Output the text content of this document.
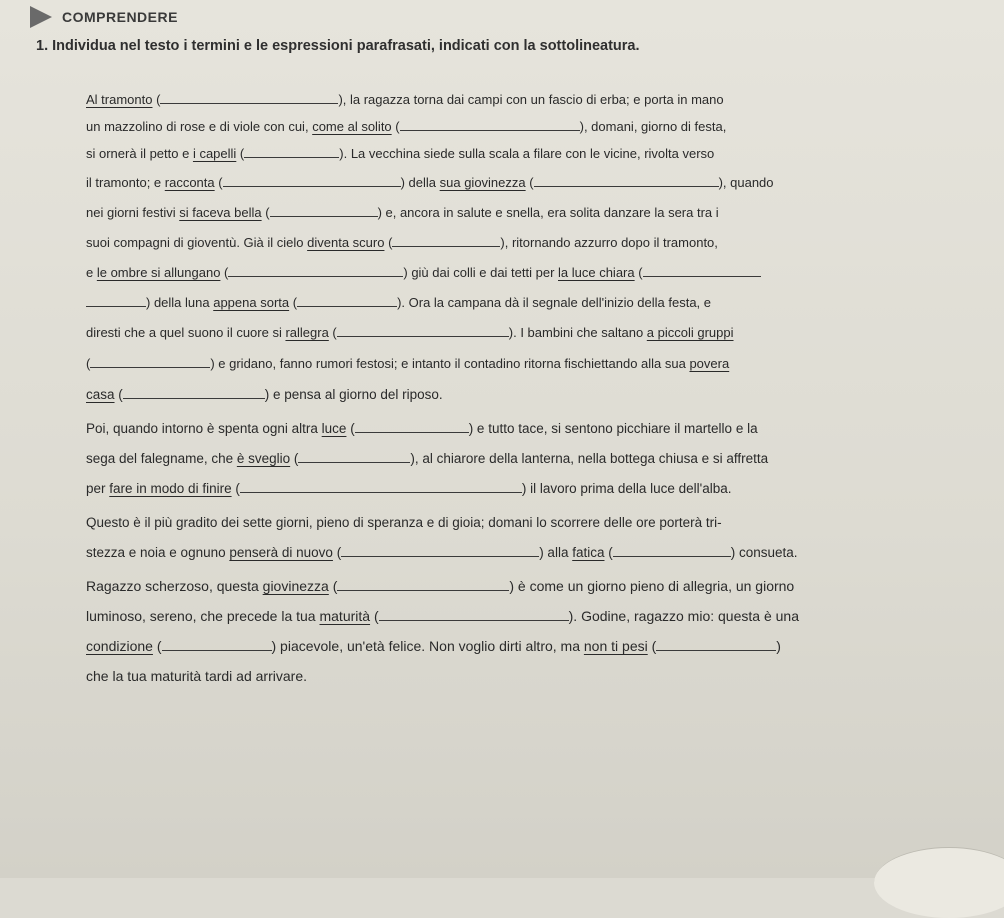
COMPRENDERE
1. Individua nel testo i termini e le espressioni parafrasati, indicati con la sottolineatura.
Al tramonto (	), la ragazza torna dai campi con un fascio di erba; e porta in mano
un mazzolino di rose e di viole con cui, come al solito (	), domani, giorno di festa,
si ornerà il petto e i capelli (	). La vecchina siede sulla scala a filare con le vicine, rivolta verso
il tramonto; e racconta (	) della sua giovinezza (	), quando
nei giorni festivi si faceva bella (	) e, ancora in salute e snella, era solita danzare la sera tra i
suoi compagni di gioventù. Già il cielo diventa scuro (	), ritornando azzurro dopo il tramonto,
e le ombre si allungano (	) giù dai colli e dai tetti per la luce chiara (
) della luna appena sorta (	). Ora la campana dà il segnale dell'inizio della festa, e
diresti che a quel suono il cuore si rallegra (	). I bambini che saltano a piccoli gruppi
(	) e gridano, fanno rumori festosi; e intanto il contadino ritorna fischiettando alla sua povera
casa (	) e pensa al giorno del riposo.
Poi, quando intorno è spenta ogni altra luce (	) e tutto tace, si sentono picchiare il martello e la
sega del falegname, che è sveglio (	), al chiarore della lanterna, nella bottega chiusa e si affretta
per fare in modo di finire (	) il lavoro prima della luce dell'alba.
Questo è il più gradito dei sette giorni, pieno di speranza e di gioia; domani lo scorrere delle ore porterà tri-
stezza e noia e ognuno penserà di nuovo (	) alla fatica (	) consueta.
Ragazzo scherzoso, questa giovinezza (	) è come un giorno pieno di allegria, un giorno
luminoso, sereno, che precede la tua maturità (	). Godine, ragazzo mio: questa è una
condizione (	) piacevole, un'età felice. Non voglio dirti altro, ma non ti pesi (	)
che la tua maturità tardi ad arrivare.
